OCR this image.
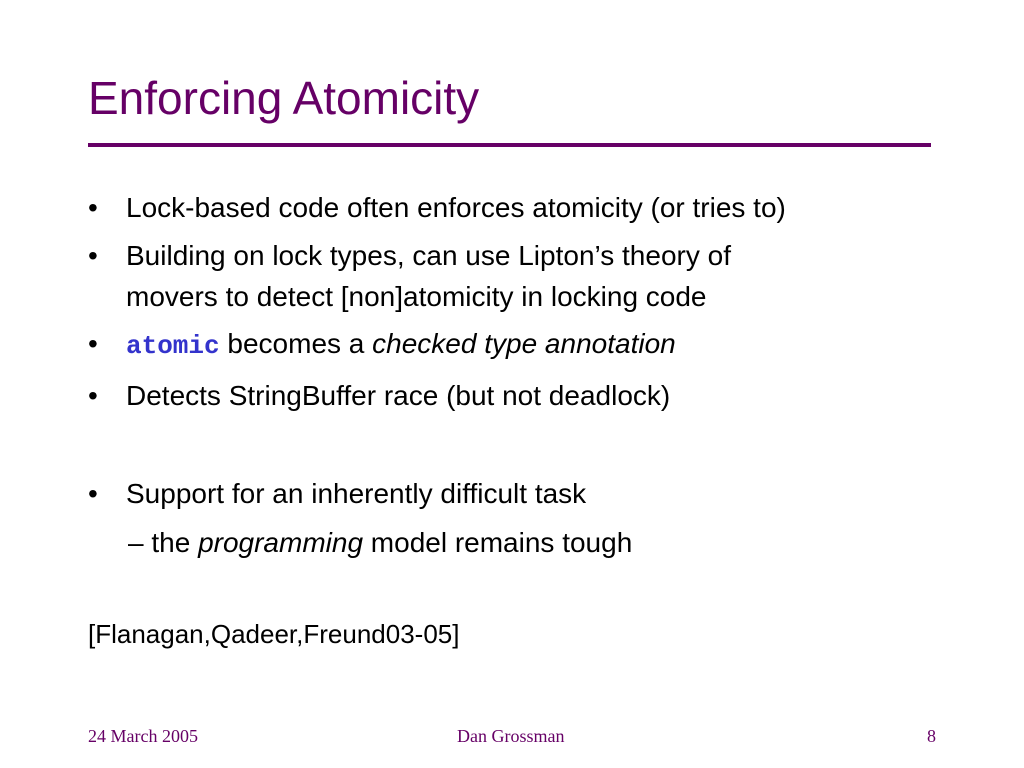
Enforcing Atomicity
•	Lock-based code often enforces atomicity (or tries to)
•	Building on lock types, can use Lipton’s theory of
movers to detect [non]atomicity in locking code
•	atomic becomes a checked type annotation
•	Detects StringBuffer race (but not deadlock)
•	Support for an inherently difficult task
– the programming model remains tough
[Flanagan,Qadeer,Freund03-05]
24 March 2005	Dan Grossman	8
